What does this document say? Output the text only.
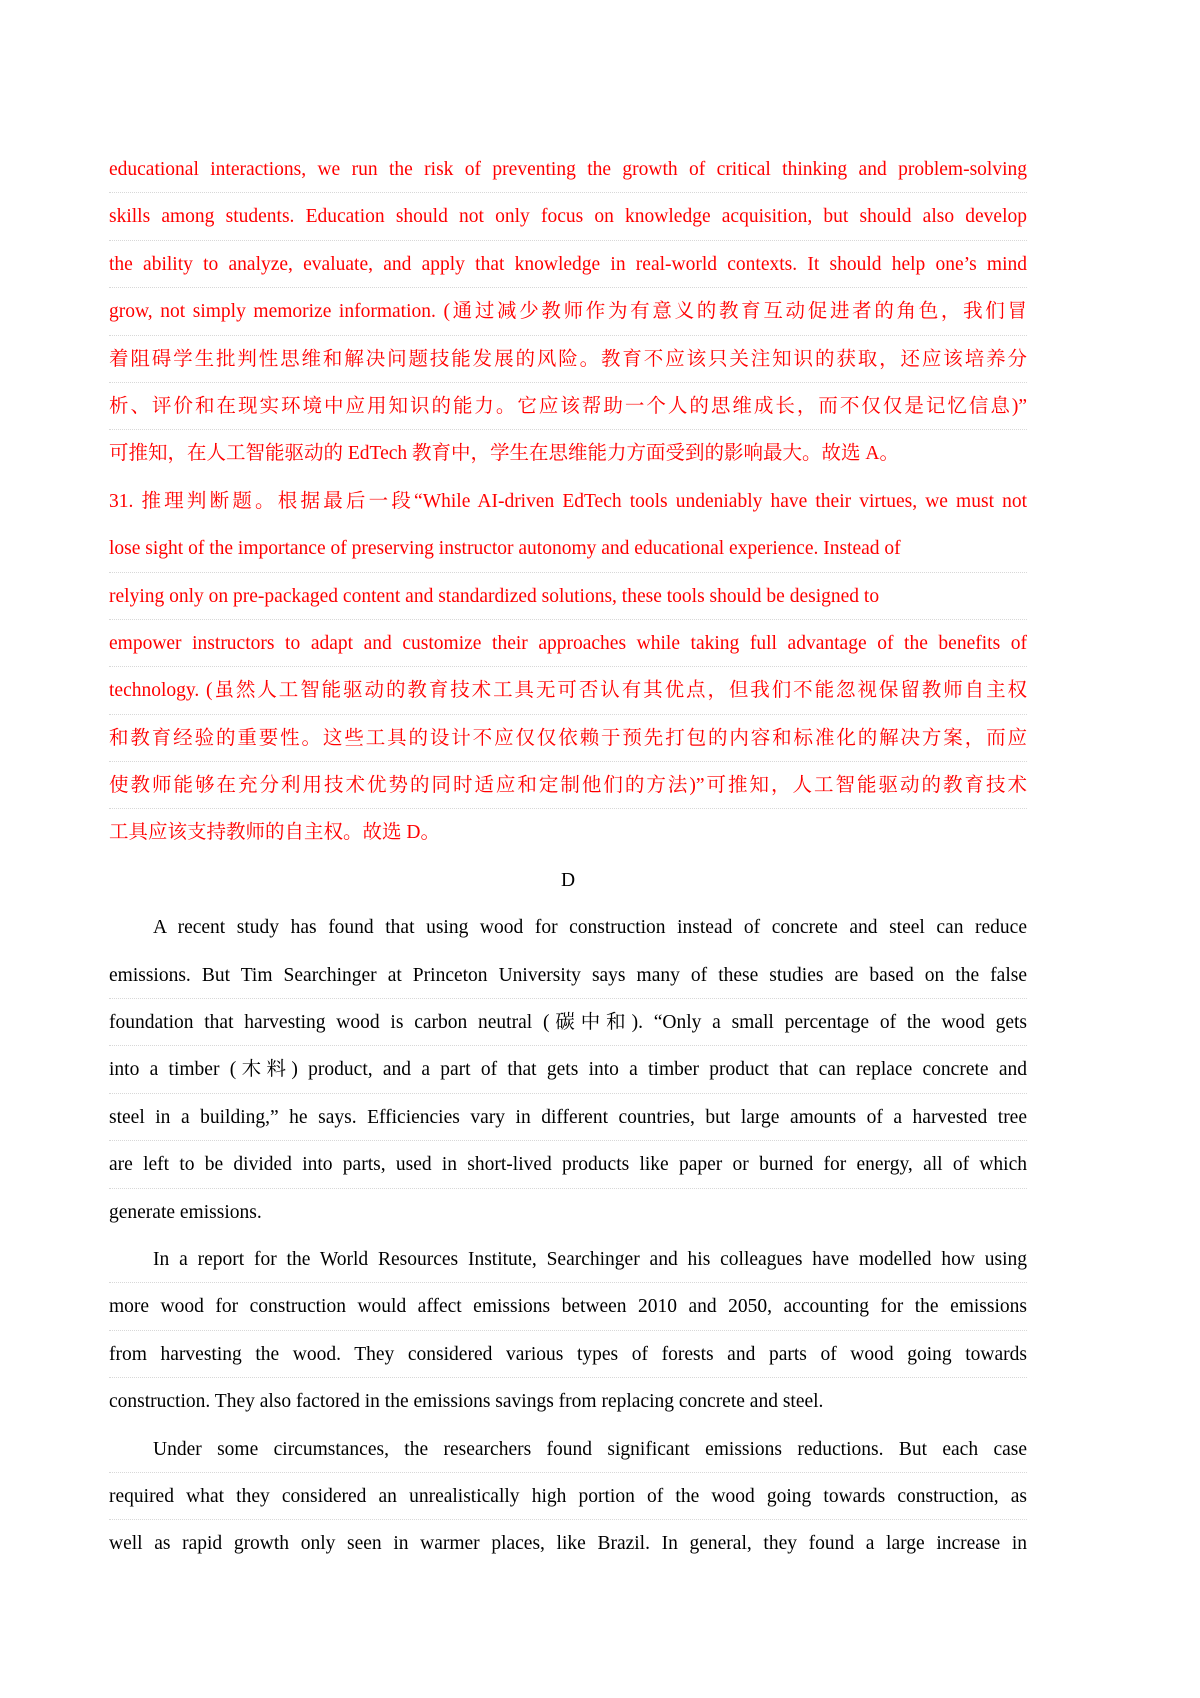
educational interactions, we run the risk of preventing the growth of critical thinking and problem-solving
skills among students. Education should not only focus on knowledge acquisition, but should also develop
the ability to analyze, evaluate, and apply that knowledge in real-world contexts. It should help one’s mind
grow, not simply memorize information. (通过减少教师作为有意义的教育互动促进者的角色，我们冒
着阻碍学生批判性思维和解决问题技能发展的风险。教育不应该只关注知识的获取，还应该培养分
析、评价和在现实环境中应用知识的能力。它应该帮助一个人的思维成长，而不仅仅是记忆信息)”
可推知，在人工智能驱动的 EdTech 教育中，学生在思维能力方面受到的影响最大。故选 A。
31. 推理判断题。根据最后一段“While AI-driven EdTech tools undeniably have their virtues, we must not
lose sight of the importance of preserving instructor autonomy and educational experience. Instead of
relying only on pre-packaged content and standardized solutions, these tools should be designed to
empower instructors to adapt and customize their approaches while taking full advantage of the benefits of
technology. (虽然人工智能驱动的教育技术工具无可否认有其优点，但我们不能忽视保留教师自主权
和教育经验的重要性。这些工具的设计不应仅仅依赖于预先打包的内容和标准化的解决方案，而应
使教师能够在充分利用技术优势的同时适应和定制他们的方法)”可推知，人工智能驱动的教育技术
工具应该支持教师的自主权。故选 D。
D
A recent study has found that using wood for construction instead of concrete and steel can reduce
emissions. But Tim Searchinger at Princeton University says many of these studies are based on the false
foundation that harvesting wood is carbon neutral (碳中和). “Only a small percentage of the wood gets
into a timber (木料) product, and a part of that gets into a timber product that can replace concrete and
steel in a building,” he says. Efficiencies vary in different countries, but large amounts of a harvested tree
are left to be divided into parts, used in short-lived products like paper or burned for energy, all of which
generate emissions.
In a report for the World Resources Institute, Searchinger and his colleagues have modelled how using
more wood for construction would affect emissions between 2010 and 2050, accounting for the emissions
from harvesting the wood. They considered various types of forests and parts of wood going towards
construction. They also factored in the emissions savings from replacing concrete and steel.
Under some circumstances, the researchers found significant emissions reductions. But each case
required what they considered an unrealistically high portion of the wood going towards construction, as
well as rapid growth only seen in warmer places, like Brazil. In general, they found a large increase in
